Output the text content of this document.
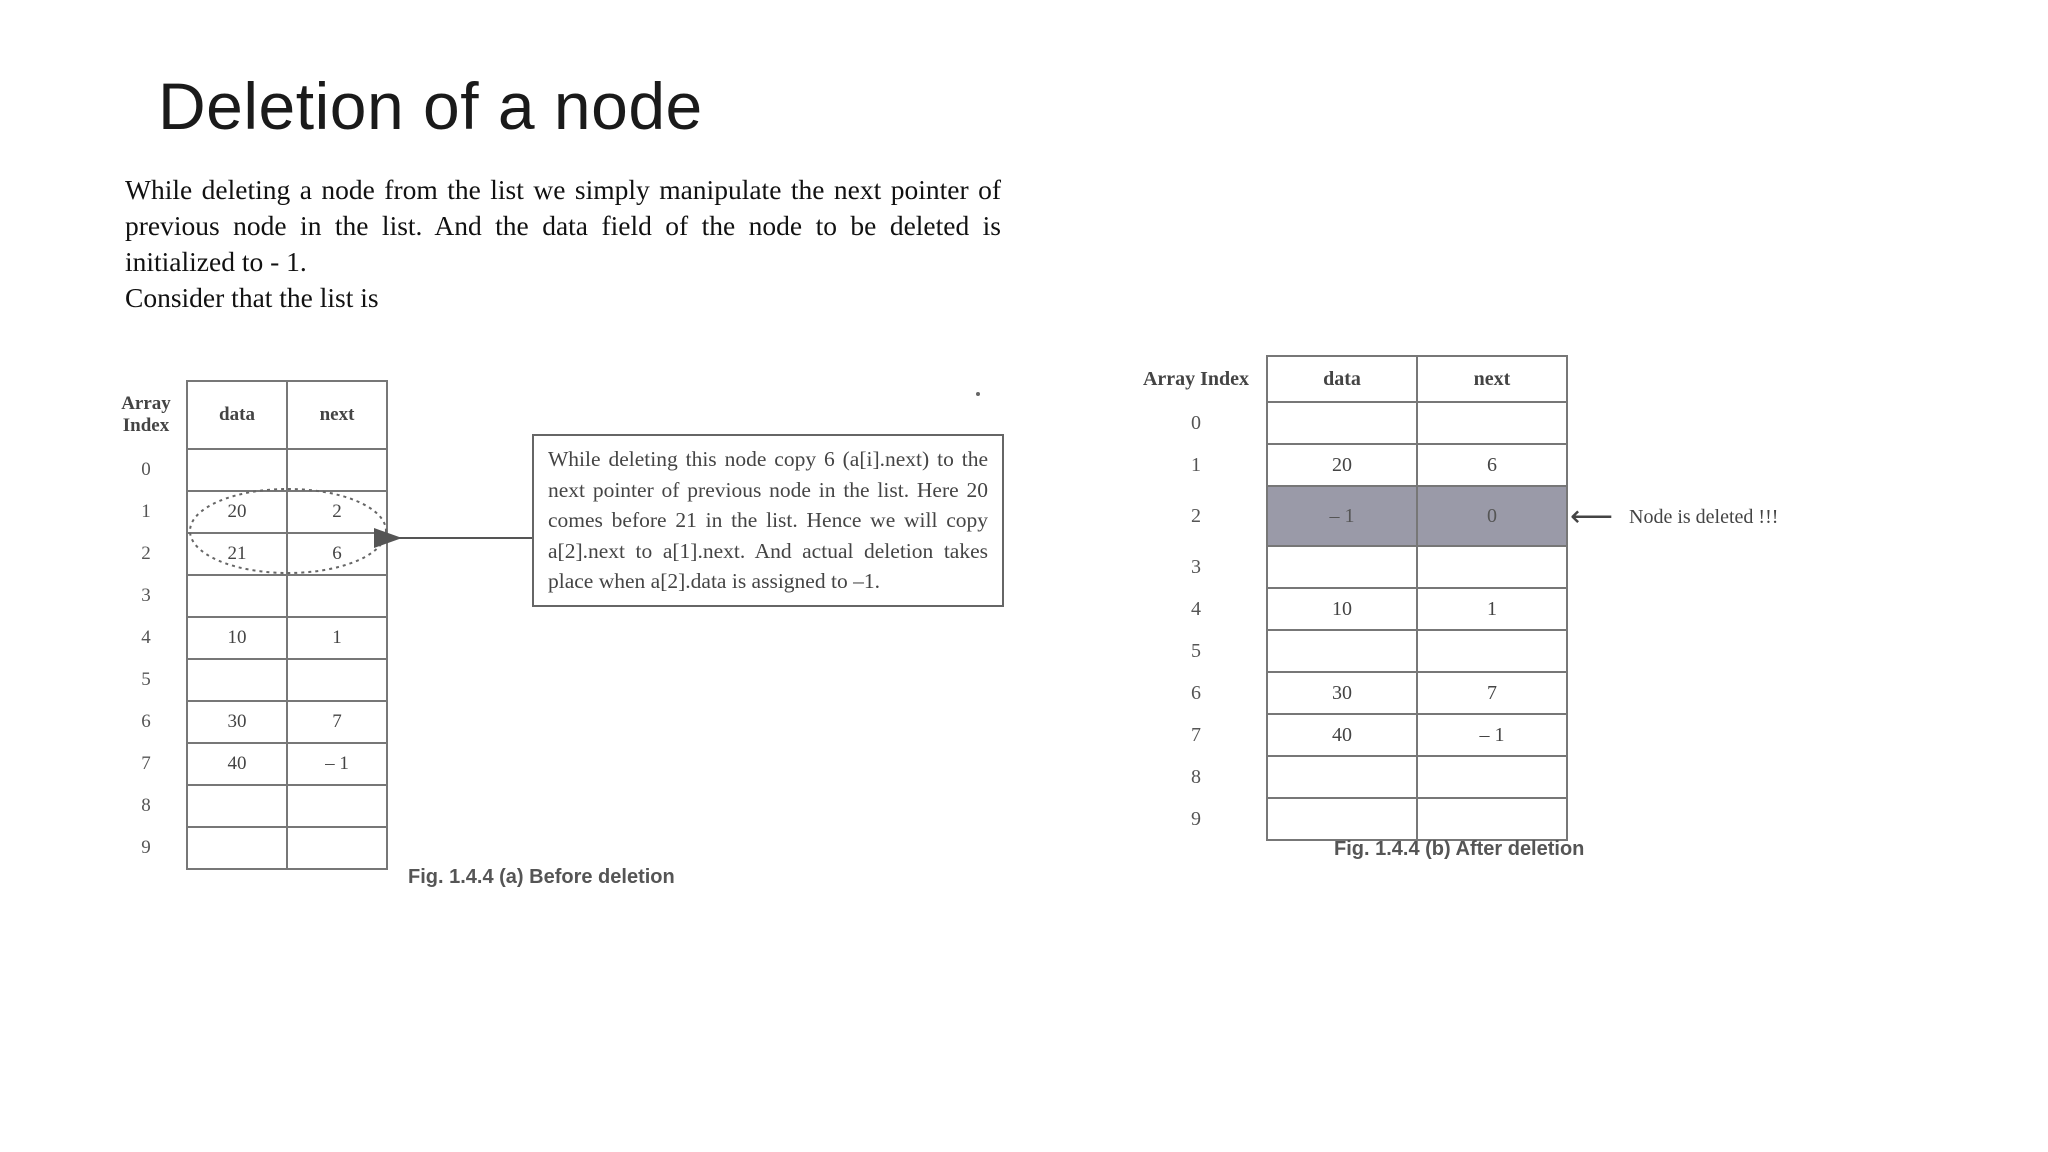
Deletion of a node

While deleting a node from the list we simply manipulate the next pointer of previous node in the list. And the data field of the node to be deleted is initialized to - 1.

Consider that the list is

Array Index	data	next
0		
1	20	2
2	21	6
3		
4	10	1
5		
6	30	7
7	40	– 1
8		
9		
While deleting this node copy 6 (a[i].next) to the next pointer of previous node in the list. Here 20 comes before 21 in the list. Hence we will copy a[2].next to a[1].next. And actual deletion takes place when a[2].data is assigned to –1.
Fig. 1.4.4 (a) Before deletion
Array Index	data	next
0		
1	20	6
2	– 1	0
3		
4	10	1
5		
6	30	7
7	40	– 1
8		
9		
⟵ Node is deleted !!!
Fig. 1.4.4 (b) After deletion
